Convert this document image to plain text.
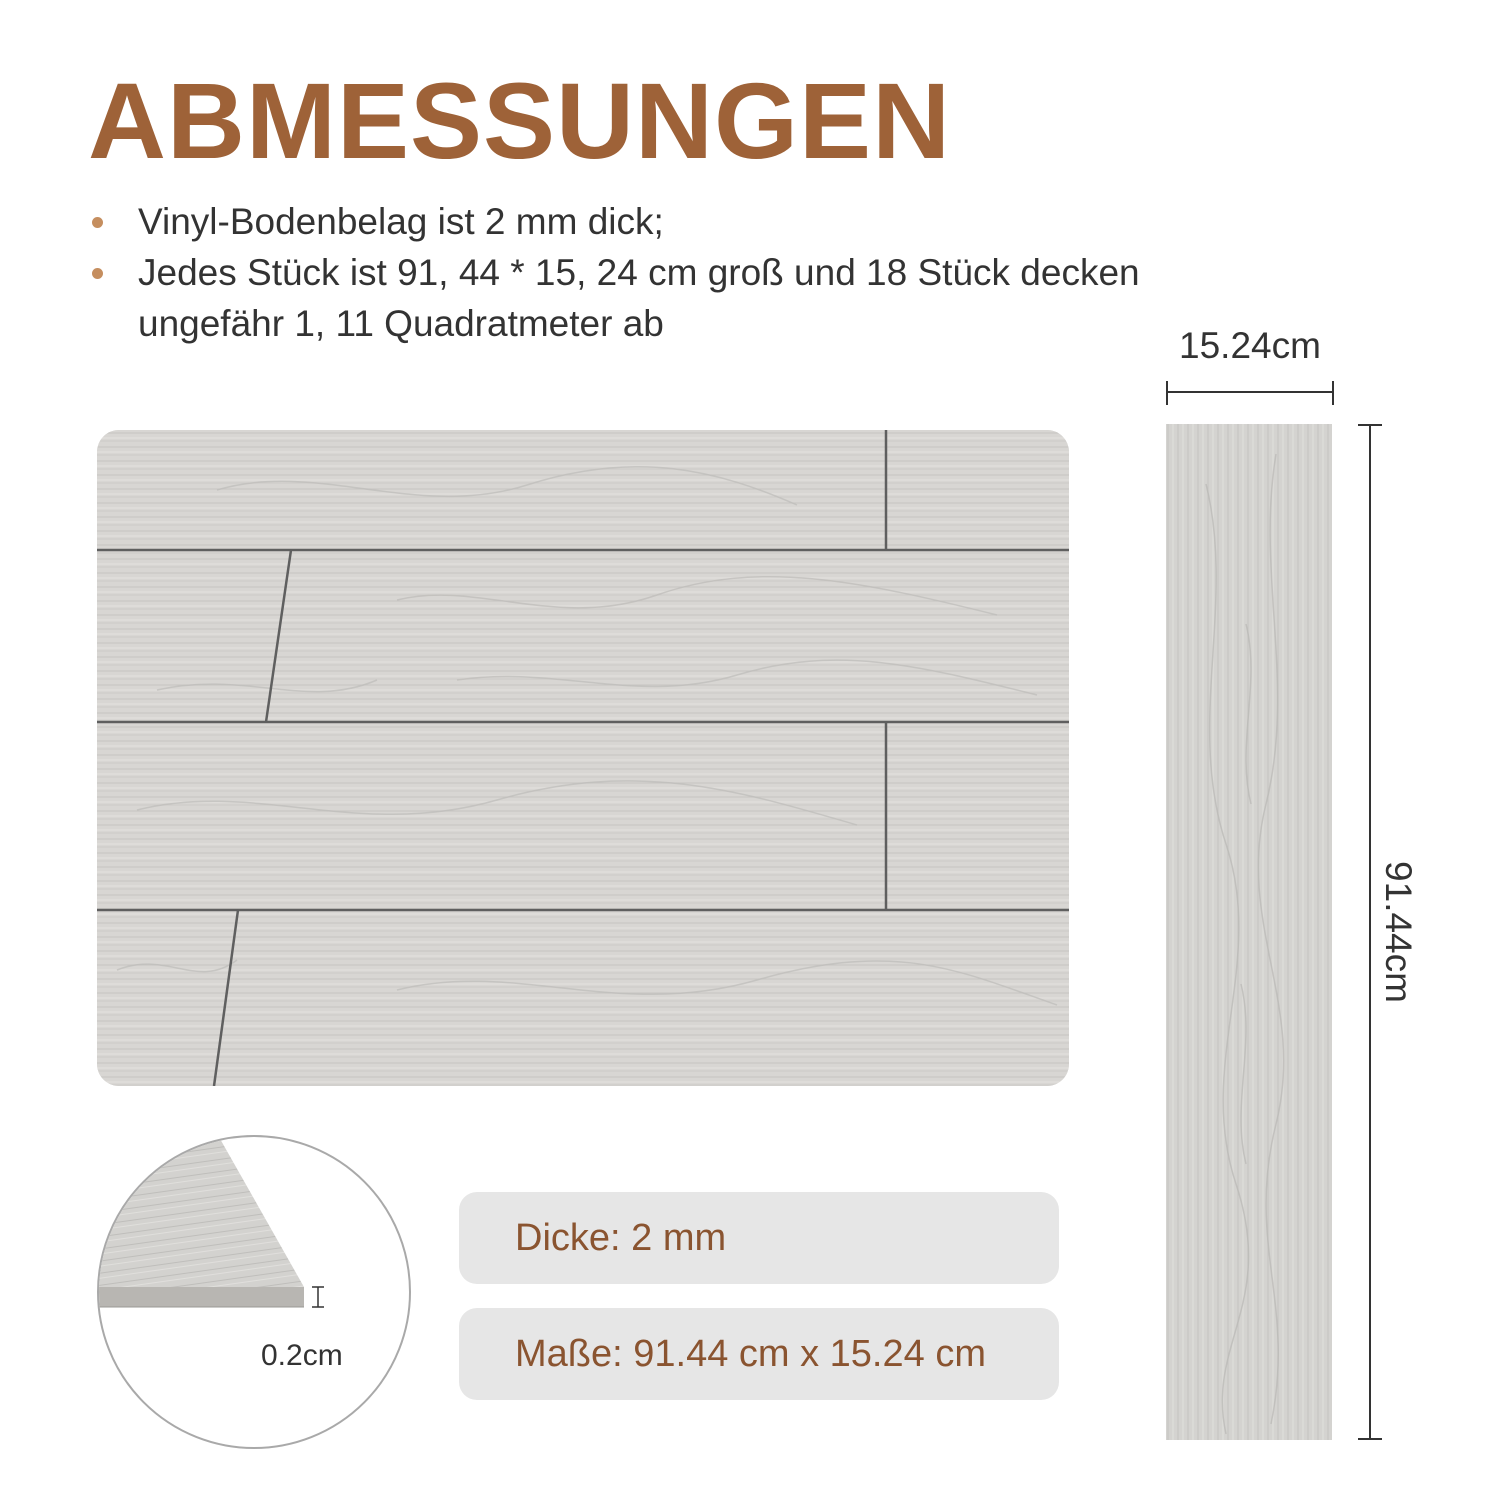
ABMESSUNGEN
Vinyl-Bodenbelag ist 2 mm dick;
Jedes Stück ist 91, 44 * 15, 24 cm groß und 18 Stück decken ungefähr 1, 11 Quadratmeter ab
15.24cm
91.44cm
0.2cm
Dicke: 2 mm
Maße: 91.44 cm x 15.24 cm
